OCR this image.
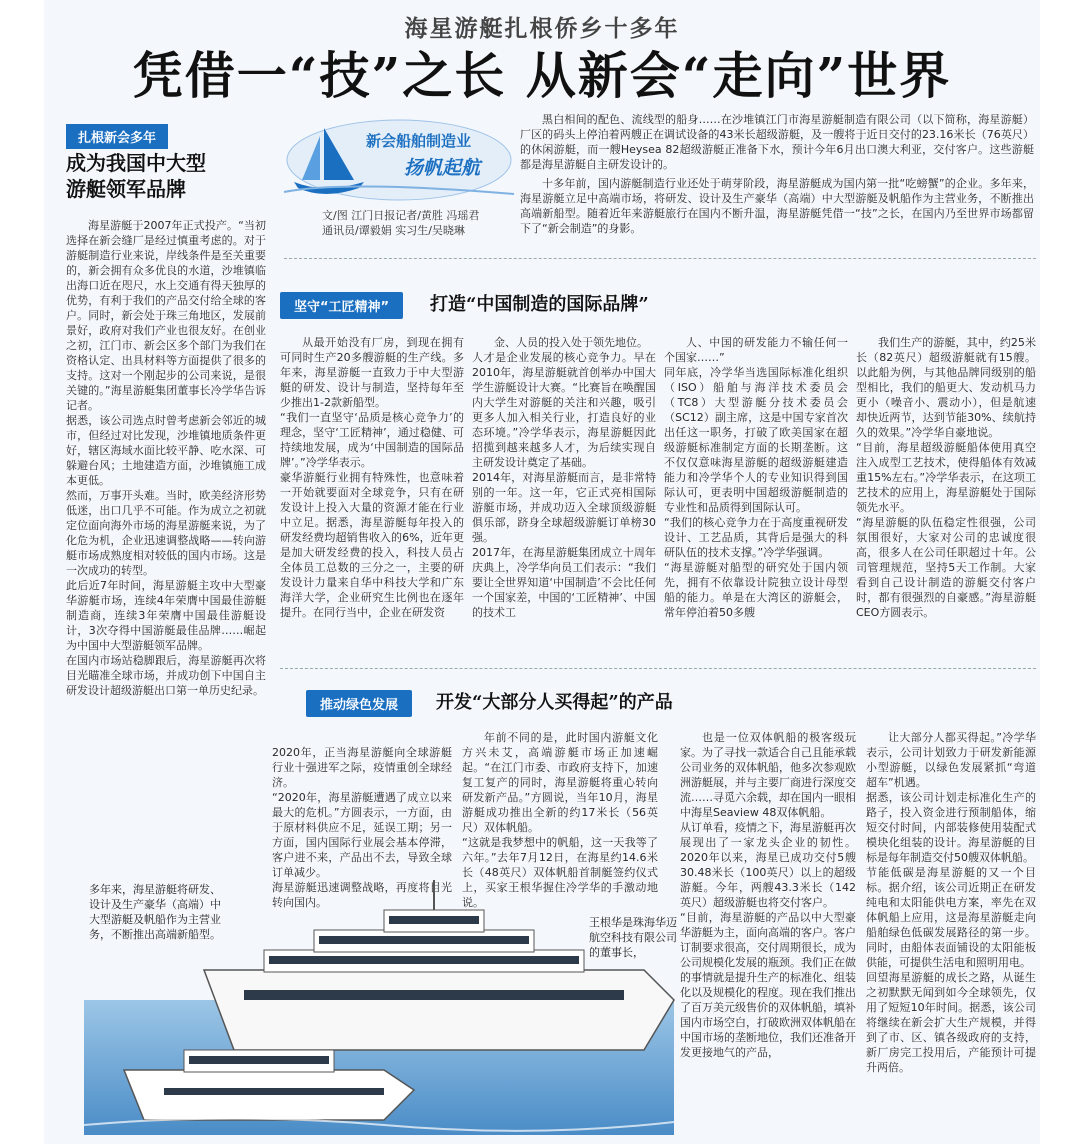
海星游艇扎根侨乡十多年
凭借一“技”之长 从新会“走向”世界
扎根新会多年
成为我国中大型
游艇领军品牌
海星游艇于2007年正式投产。“当初选择在新会缝厂是经过慎重考虑的。对于游艇制造行业来说，岸线条件是至关重要的，新会拥有众多优良的水道，沙堆镇临出海口近在咫尺，水上交通有得天独厚的优势，有利于我们的产品交付给全球的客户。同时，新会处于珠三角地区，发展前景好，政府对我们产业也很友好。在创业之初，江门市、新会区多个部门为我们在资格认定、出具材料等方面提供了很多的支持。这对一个刚起步的公司来说，是很关键的。”海星游艇集团董事长冷学华告诉记者。
据悉，该公司选点时曾考虑新会邻近的城市，但经过对比发现，沙堆镇地质条件更好，辖区海域水面比较平静、吃水深、可躲避台风；土地建造方面，沙堆镇施工成本更低。
然而，万事开头难。当时，欧美经济形势低迷，出口几乎不可能。作为成立之初就定位面向海外市场的海星游艇来说，为了化危为机，企业迅速调整战略——转向游艇市场成熟度相对较低的国内市场。这是一次成功的转型。
此后近7年时间，海星游艇主攻中大型豪华游艇市场，连续4年荣膺中国最佳游艇制造商，连续3年荣膺中国最佳游艇设计，3次夺得中国游艇最佳品牌……崛起为中国中大型游艇领军品牌。
在国内市场站稳脚跟后，海星游艇再次将目光瞄准全球市场，并成功创下中国自主研发设计超级游艇出口第一单历史纪录。
新会船舶制造业
扬帆起航
文/图 江门日报记者/黄胜 冯瑶君
通讯员/谭毅娟 实习生/吴晓琳
黑白相间的配色、流线型的船身……在沙堆镇江门市海星游艇制造有限公司（以下简称，海星游艇）厂区的码头上停泊着两艘正在调试设备的43米长超级游艇，及一艘将于近日交付的23.16米长（76英尺）的休闲游艇，而一艘Heysea 82超级游艇正准备下水，预计今年6月出口澳大利亚，交付客户。这些游艇都是海星游艇自主研发设计的。
十多年前，国内游艇制造行业还处于萌芽阶段，海星游艇成为国内第一批“吃螃蟹”的企业。多年来，海星游艇立足中高端市场，将研发、设计及生产豪华（高端）中大型游艇及帆船作为主营业务，不断推出高端新船型。随着近年来游艇旅行在国内不断升温，海星游艇凭借一“技”之长，在国内乃至世界市场都留下了“新会制造”的身影。
坚守“工匠精神”	打造“中国制造的国际品牌”
从最开始没有厂房，到现在拥有可同时生产20多艘游艇的生产线。多年来，海星游艇一直致力于中大型游艇的研发、设计与制造，坚持每年至少推出1-2款新船型。
“我们一直坚守‘品质是核心竞争力’的理念，坚守‘工匠精神’，通过稳健、可持续地发展，成为‘中国制造的国际品牌’。”冷学华表示。
豪华游艇行业拥有特殊性，也意味着一开始就要面对全球竞争，只有在研发设计上投入大量的资源才能在行业中立足。据悉，海星游艇每年投入的研发经费均超销售收入的6%，近年更是加大研发经费的投入，科技人员占全体员工总数的三分之一，主要的研发设计力量来自华中科技大学和广东海洋大学，企业研究生比例也在逐年提升。在同行当中，企业在研发资
金、人员的投入处于领先地位。
人才是企业发展的核心竞争力。早在2010年，海星游艇就首创举办中国大学生游艇设计大赛。“比赛旨在唤醒国内大学生对游艇的关注和兴趣，吸引更多人加入相关行业，打造良好的业态环境。”冷学华表示，海星游艇因此招揽到越来越多人才，为后续实现自主研发设计奠定了基础。
2014年，对海星游艇而言，是非常特别的一年。这一年，它正式亮相国际游艇市场，并成功迈入全球顶级游艇俱乐部，跻身全球超级游艇订单榜30强。
2017年，在海星游艇集团成立十周年庆典上，冷学华向员工们表示：“我们要让全世界知道‘中国制造’不会比任何一个国家差，中国的‘工匠精神’、中国的技术工
人、中国的研发能力不输任何一个国家……”
同年底，冷学华当选国际标准化组织（ISO）船舶与海洋技术委员会（TC8）大型游艇分技术委员会（SC12）副主席，这是中国专家首次出任这一职务，打破了欧美国家在超级游艇标准制定方面的长期垄断。这不仅仅意味海星游艇的超级游艇建造能力和冷学华个人的专业知识得到国际认可，更表明中国超级游艇制造的专业性和品质得到国际认可。
“我们的核心竞争力在于高度重视研发设计、工艺品质，其背后是强大的科研队伍的技术支撑。”冷学华强调。
“海星游艇对船型的研究处于国内领先，拥有不依靠设计院独立设计母型船的能力。单是在大湾区的游艇会，常年停泊着50多艘
我们生产的游艇，其中，约25米长（82英尺）超级游艇就有15艘。以此船为例，与其他品牌同级别的船型相比，我们的船更大、发动机马力更小（噪音小、震动小），但是航速却快近两节，达到节能30%、续航持久的效果。”冷学华自豪地说。
“目前，海星超级游艇船体使用真空注入成型工艺技术，使得船体有效减重15%左右。”冷学华表示，在这项工艺技术的应用上，海星游艇处于国际领先水平。
“海星游艇的队伍稳定性很强，公司氛围很好，大家对公司的忠诚度很高，很多人在公司任职超过十年。公司管理规范，坚持5天工作制。大家看到自己设计制造的游艇交付客户时，都有很强烈的自豪感。”海星游艇CEO方圆表示。
推动绿色发展	开发“大部分人买得起”的产品

2020年，正当海星游艇向全球游艇行业十强进军之际，疫情重创全球经济。
“2020年，海星游艇遭遇了成立以来最大的危机。”方圆表示，一方面，由于原材料供应不足，延误工期；另一方面，国内国际行业展会基本停滞，客户进不来，产品出不去，导致全球订单减少。
海星游艇迅速调整战略，再度将目光转向国内。

年前不同的是，此时国内游艇文化方兴未艾，高端游艇市场正加速崛起。“在江门市委、市政府支持下，加速复工复产的同时，海星游艇将重心转向研发新产品。”方圆说，当年10月，海星游艇成功推出全新的约17米长（56英尺）双体帆船。
“这就是我梦想中的帆船，这一天我等了六年。”去年7月12日，在海星约14.6米长（48英尺）双体帆船首制艇签约仪式上，买家王根华握住冷学华的手激动地说。
王根华是珠海华迈航空科技有限公司的董事长，
也是一位双体帆船的极客级玩家。为了寻找一款适合自己且能承载公司业务的双体帆船，他多次参观欧洲游艇展，并与主要厂商进行深度交流……寻觅六余载，却在国内一眼相中海星Seaview 48双体帆船。
从订单看，疫情之下，海星游艇再次展现出了一家龙头企业的韧性。2020年以来，海星已成功交付5艘30.48米长（100英尺）以上的超级游艇。今年，两艘43.3米长（142英尺）超级游艇也将交付客户。
“目前，海星游艇的产品以中大型豪华游艇为主，面向高端的客户。客户订制要求很高，交付周期很长，成为公司规模化发展的瓶颈。我们正在做的事情就是提升生产的标准化、组装化以及规模化的程度。现在我们推出了百万美元级售价的双体帆船，填补国内市场空白，打破欧洲双体帆船在中国市场的垄断地位，我们还准备开发更接地气的产品，
让大部分人都买得起。”冷学华表示，公司计划致力于研发新能源小型游艇，以绿色发展紧抓“弯道超车”机遇。
据悉，该公司计划走标准化生产的路子，投入资金进行预制船体，缩短交付时间，内部装修使用装配式模块化组装的设计。海星游艇的目标是每年制造交付50艘双体帆船。
节能低碳是海星游艇的又一个目标。据介绍，该公司近期正在研发纯电和太阳能供电方案，率先在双体帆船上应用，这是海星游艇走向船舶绿色低碳发展路径的第一步。同时，由船体表面铺设的太阳能板供能，可提供生活电和照明用电。
回望海星游艇的成长之路，从诞生之初默默无闻到如今全球领先，仅用了短短10年时间。据悉，该公司将继续在新会扩大生产规模，并得到了市、区、镇各级政府的支持，新厂房完工投用后，产能预计可提升两倍。
多年来，海星游艇将研发、设计及生产豪华（高端）中大型游艇及帆船作为主营业务，不断推出高端新船型。
